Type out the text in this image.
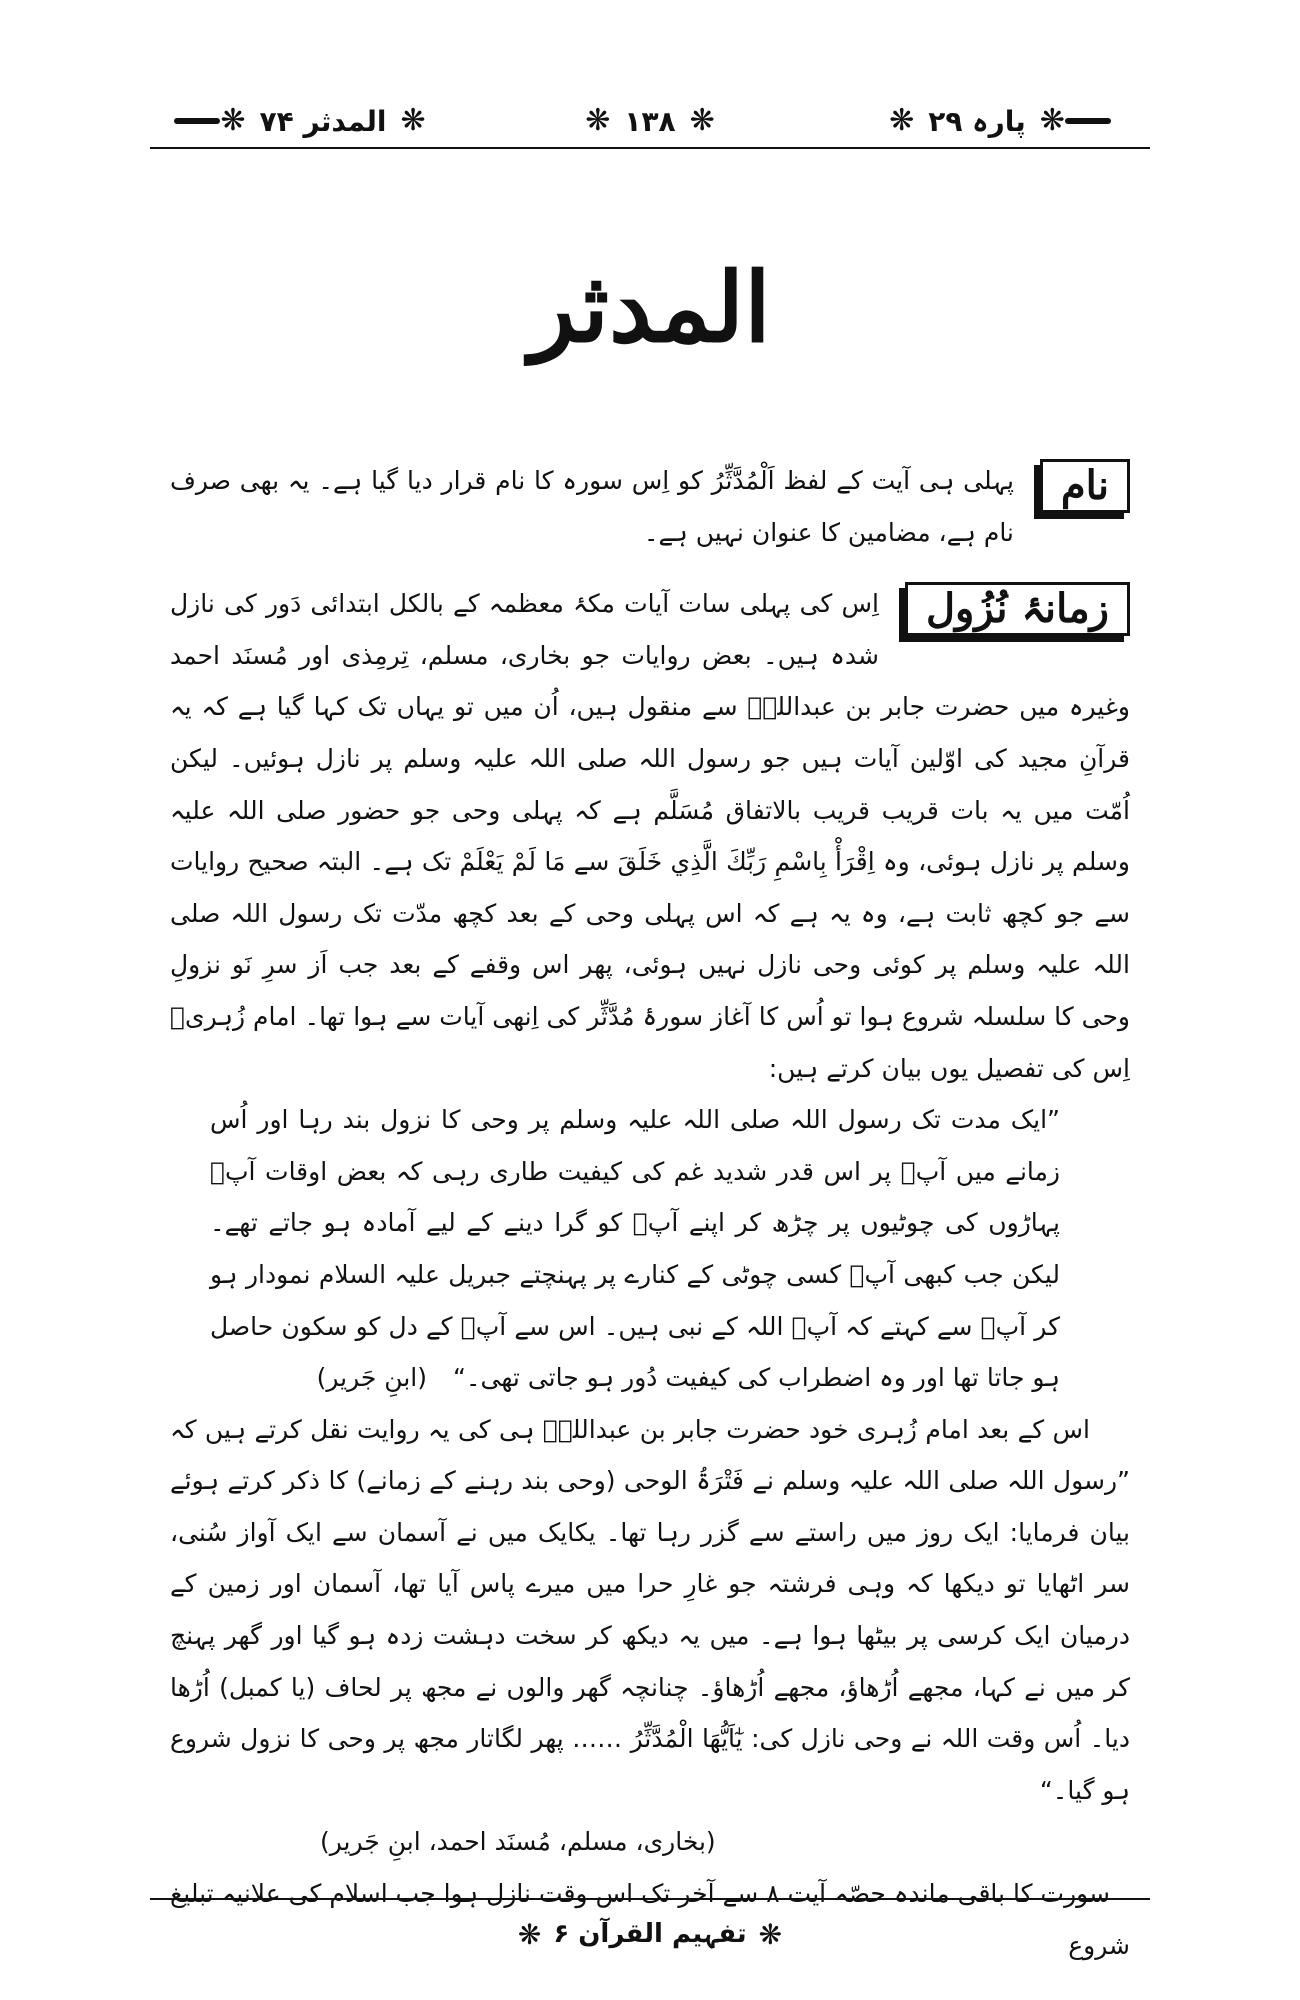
❋ المدثر ۷۴ ❋	❋ ۱۳۸ ❋	❋ پارہ ۲۹ ❋
المدثر

نام
پہلی ہی آیت کے لفظ اَلْمُدَّثِّرُ کو اِس سورہ کا نام قرار دیا گیا ہے۔ یہ بھی صرف نام ہے، مضامین کا عنوان نہیں ہے۔

زمانۂ نُزُول
اِس کی پہلی سات آیات مکۂ معظمہ کے بالکل ابتدائی دَور کی نازل شدہ ہیں۔ بعض روایات جو بخاری، مسلم، تِرمِذی اور مُسنَد احمد وغیرہ میں حضرت جابر بن عبداللہؓ سے منقول ہیں، اُن میں تو یہاں تک کہا گیا ہے کہ یہ قرآنِ مجید کی اوّلین آیات ہیں جو رسول اللہ صلی اللہ علیہ وسلم پر نازل ہوئیں۔ لیکن اُمّت میں یہ بات قریب قریب بالاتفاق مُسَلَّم ہے کہ پہلی وحی جو حضور صلی اللہ علیہ وسلم پر نازل ہوئی، وہ اِقْرَأْ بِاسْمِ رَبِّكَ الَّذِي خَلَقَ سے مَا لَمْ يَعْلَمْ تک ہے۔ البتہ صحیح روایات سے جو کچھ ثابت ہے، وہ یہ ہے کہ اس پہلی وحی کے بعد کچھ مدّت تک رسول اللہ صلی اللہ علیہ وسلم پر کوئی وحی نازل نہیں ہوئی، پھر اس وقفے کے بعد جب اَز سرِ نَو نزولِ وحی کا سلسلہ شروع ہوا تو اُس کا آغاز سورۂ مُدَّثِّر کی اِنھی آیات سے ہوا تھا۔ امام زُہریؒ اِس کی تفصیل یوں بیان کرتے ہیں:

”ایک مدت تک رسول اللہ صلی اللہ علیہ وسلم پر وحی کا نزول بند رہا اور اُس زمانے میں آپؐ پر اس قدر شدید غم کی کیفیت طاری رہی کہ بعض اوقات آپؐ پہاڑوں کی چوٹیوں پر چڑھ کر اپنے آپؐ کو گرا دینے کے لیے آمادہ ہو جاتے تھے۔ لیکن جب کبھی آپؐ کسی چوٹی کے کنارے پر پہنچتے جبریل علیہ السلام نمودار ہو کر آپؐ سے کہتے کہ آپؐ اللہ کے نبی ہیں۔ اس سے آپؐ کے دل کو سکون حاصل ہو جاتا تھا اور وہ اضطراب کی کیفیت دُور ہو جاتی تھی۔“ (ابنِ جَریر)

اس کے بعد امام زُہری خود حضرت جابر بن عبداللہؓ ہی کی یہ روایت نقل کرتے ہیں کہ ”رسول اللہ صلی اللہ علیہ وسلم نے فَتْرَۃُ الوحی (وحی بند رہنے کے زمانے) کا ذکر کرتے ہوئے بیان فرمایا: ایک روز میں راستے سے گزر رہا تھا۔ یکایک میں نے آسمان سے ایک آواز سُنی، سر اٹھایا تو دیکھا کہ وہی فرشتہ جو غارِ حرا میں میرے پاس آیا تھا، آسمان اور زمین کے درمیان ایک کرسی پر بیٹھا ہوا ہے۔ میں یہ دیکھ کر سخت دہشت زدہ ہو گیا اور گھر پہنچ کر میں نے کہا، مجھے اُڑھاؤ، مجھے اُڑھاؤ۔ چنانچہ گھر والوں نے مجھ پر لحاف (یا کمبل) اُڑھا دیا۔ اُس وقت اللہ نے وحی نازل کی: يٰٓاَيُّهَا الْمُدَّثِّرُ …… پھر لگاتار مجھ پر وحی کا نزول شروع ہو گیا۔“

(بخاری، مسلم، مُسنَد احمد، ابنِ جَریر)

سورت کا باقی ماندہ حصّہ آیت ۸ سے آخر تک اس وقت نازل ہوا جب اسلام کی علانیہ تبلیغ شروع

❋ تفہیم القرآن ۶ ❋
